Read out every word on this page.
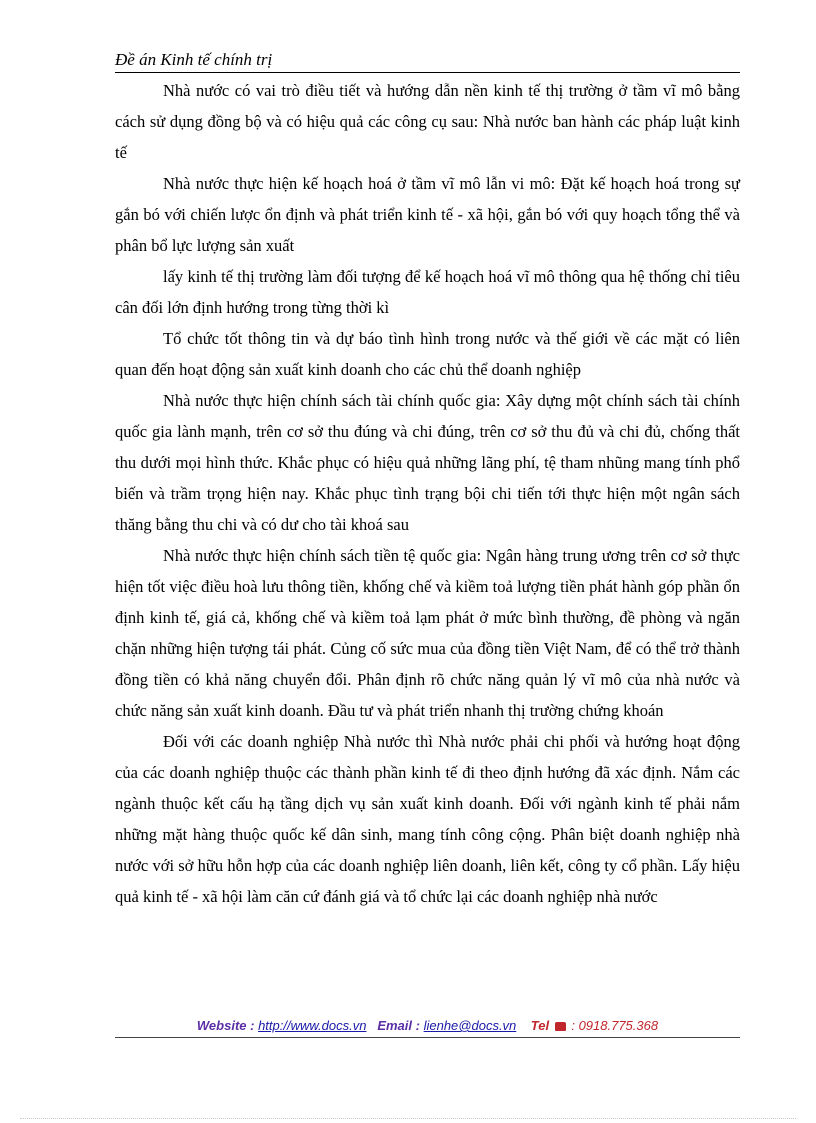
Đề án Kinh tế chính trị

Nhà nước có vai trò điều tiết và hướng dẫn nền kinh tế thị trường ở tầm vĩ mô bằng cách sử dụng đồng bộ và có hiệu quả các công cụ sau: Nhà nước ban hành các pháp luật kinh tế

Nhà nước thực hiện kế hoạch hoá ở tầm vĩ mô lẫn vi mô: Đặt kế hoạch hoá trong sự gắn bó với chiến lược ổn định và phát triển kinh tế - xã hội, gắn bó với quy hoạch tổng thể và phân bổ lực lượng sản xuất

lấy kinh tế thị trường làm đối tượng để kế hoạch hoá vĩ mô thông qua hệ thống chỉ tiêu cân đối lớn định hướng trong từng thời kì

Tổ chức tốt thông tin và dự báo tình hình trong nước và thế giới về các mặt có liên quan đến hoạt động sản xuất kinh doanh cho các chủ thể doanh nghiệp

Nhà nước thực hiện chính sách tài chính quốc gia: Xây dựng một chính sách tài chính quốc gia lành mạnh, trên cơ sở thu đúng và chi đúng, trên cơ sở thu đủ và chi đủ, chống thất thu dưới mọi hình thức. Khắc phục có hiệu quả những lãng phí, tệ tham nhũng mang tính phổ biến và trầm trọng hiện nay. Khắc phục tình trạng bội chi tiến tới thực hiện một ngân sách thăng bằng thu chi và có dư cho tài khoá sau

Nhà nước thực hiện chính sách tiền tệ quốc gia: Ngân hàng trung ương trên cơ sở thực hiện tốt việc điều hoà lưu thông tiền, khống chế và kiềm toả lượng tiền phát hành góp phần ổn định kinh tế, giá cả, khống chế và kiềm toả lạm phát ở mức bình thường, đề phòng và ngăn chặn những hiện tượng tái phát. Củng cố sức mua của đồng tiền Việt Nam, để có thể trở thành đồng tiền có khả năng chuyển đổi. Phân định rõ chức năng quản lý vĩ mô của nhà nước và chức năng sản xuất kinh doanh. Đầu tư và phát triển nhanh thị trường chứng khoán

Đối với các doanh nghiệp Nhà nước thì Nhà nước phải chi phối và hướng hoạt động của các doanh nghiệp thuộc các thành phần kinh tế đi theo định hướng đã xác định. Nắm các ngành thuộc kết cấu hạ tầng dịch vụ sản xuất kinh doanh. Đối với ngành kinh tế phải nắm những mặt hàng thuộc quốc kế dân sinh, mang tính công cộng. Phân biệt doanh nghiệp nhà nước với sở hữu hỗn hợp của các doanh nghiệp liên doanh, liên kết, công ty cổ phần. Lấy hiệu quả kinh tế - xã hội làm căn cứ đánh giá và tổ chức lại các doanh nghiệp nhà nước

Website : http://www.docs.vn Email : lienhe@docs.vn Tel : 0918.775.368
